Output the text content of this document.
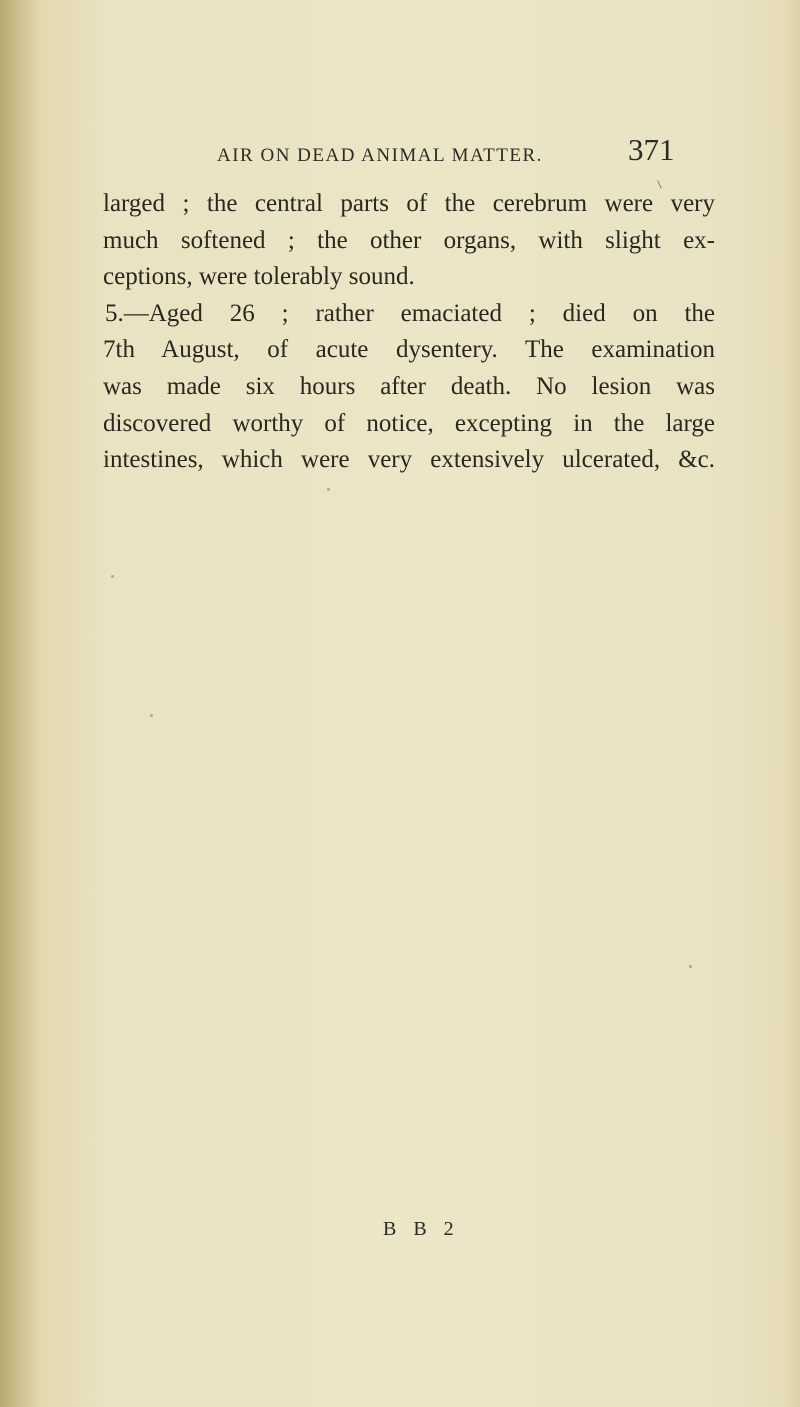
AIR ON DEAD ANIMAL MATTER.	371
larged ; the central parts of the cerebrum were very
much softened ; the other organs, with slight ex-
ceptions, were tolerably sound.
5.—Aged 26 ; rather emaciated ; died on the
7th August, of acute dysentery. The examination
was made six hours after death. No lesion was
discovered worthy of notice, excepting in the large
intestines, which were very extensively ulcerated, &c.
B B 2
